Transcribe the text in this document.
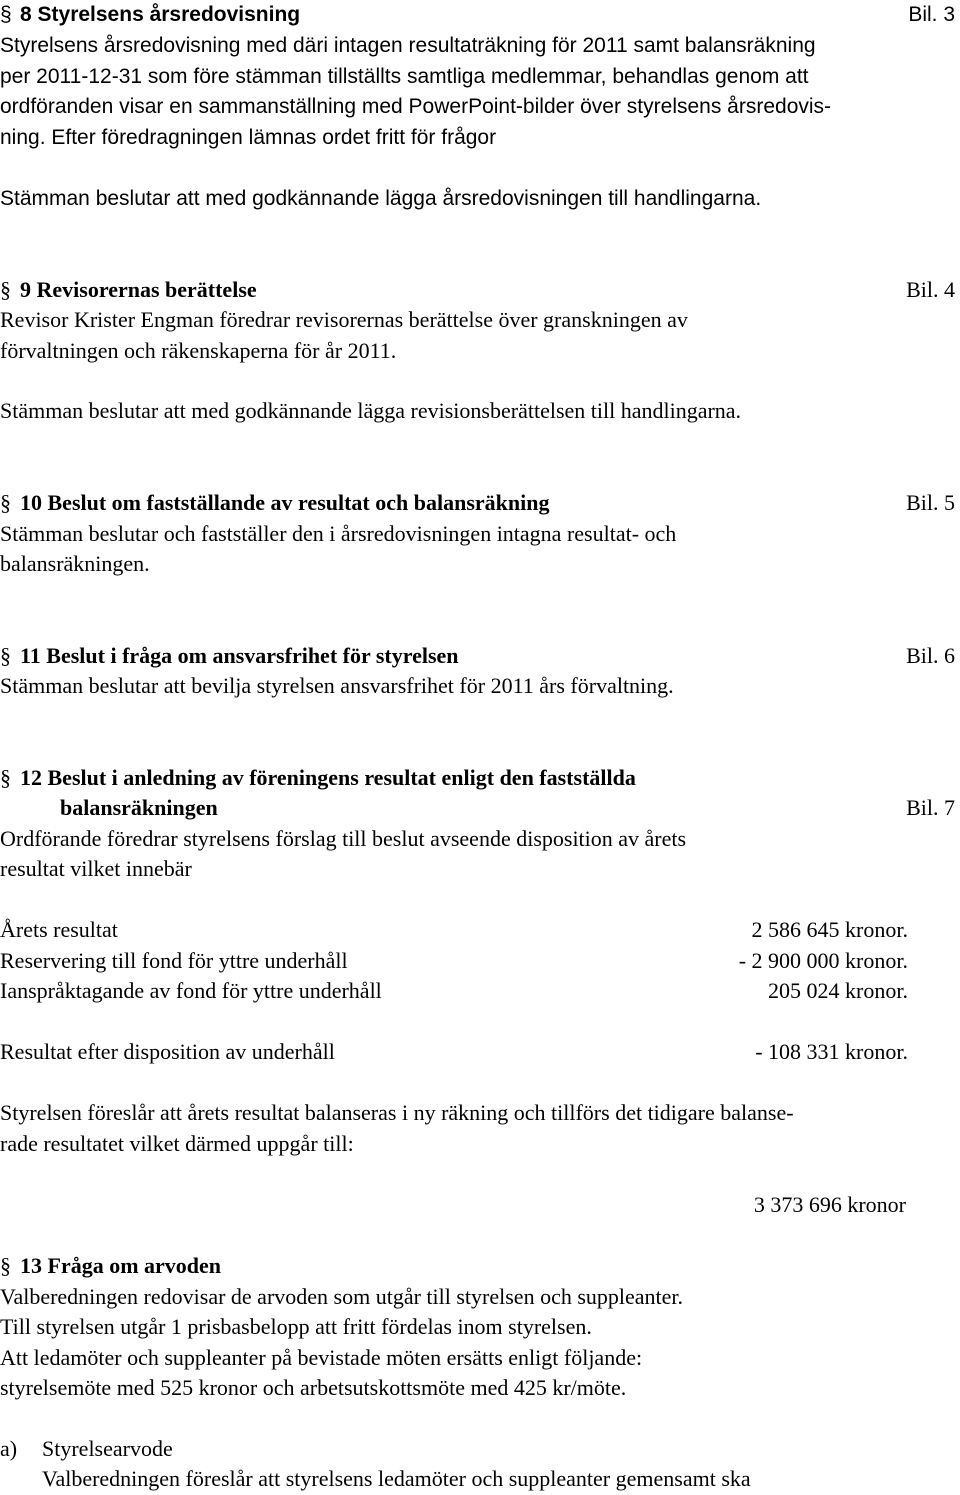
§ 8 Styrelsens årsredovisning	Bil. 3
Styrelsens årsredovisning med däri intagen resultaträkning för 2011 samt balansräkning
per 2011-12-31 som före stämman tillställts samtliga medlemmar, behandlas genom att
ordföranden visar en sammanställning med PowerPoint-bilder över styrelsens årsredovis-
ning. Efter föredragningen lämnas ordet fritt för frågor
Stämman beslutar att med godkännande lägga årsredovisningen till handlingarna.
§ 9 Revisorernas berättelse	Bil. 4
Revisor Krister Engman föredrar revisorernas berättelse över granskningen av
förvaltningen och räkenskaperna för år 2011.
Stämman beslutar att med godkännande lägga revisionsberättelsen till handlingarna.
§ 10 Beslut om fastställande av resultat och balansräkning	Bil. 5
Stämman beslutar och fastställer den i årsredovisningen intagna resultat- och
balansräkningen.
§ 11 Beslut i fråga om ansvarsfrihet för styrelsen	Bil. 6
Stämman beslutar att bevilja styrelsen ansvarsfrihet för 2011 års förvaltning.
§ 12 Beslut i anledning av föreningens resultat enligt den fastställda
balansräkningen	Bil. 7
Ordförande föredrar styrelsens förslag till beslut avseende disposition av årets
resultat vilket innebär
Årets resultat	2 586 645 kronor.
Reservering till fond för yttre underhåll	- 2 900 000 kronor.
Ianspråktagande av fond för yttre underhåll	205 024 kronor.
Resultat efter disposition av underhåll	- 108 331 kronor.
Styrelsen föreslår att årets resultat balanseras i ny räkning och tillförs det tidigare balanse-
rade resultatet vilket därmed uppgår till:
3 373 696 kronor
§ 13 Fråga om arvoden
Valberedningen redovisar de arvoden som utgår till styrelsen och suppleanter.
Till styrelsen utgår 1 prisbasbelopp att fritt fördelas inom styrelsen.
Att ledamöter och suppleanter på bevistade möten ersätts enligt följande:
styrelsemöte med 525 kronor och arbetsutskottsmöte med 425 kr/möte.
a) Styrelsearvode
Valberedningen föreslår att styrelsens ledamöter och suppleanter gemensamt ska
